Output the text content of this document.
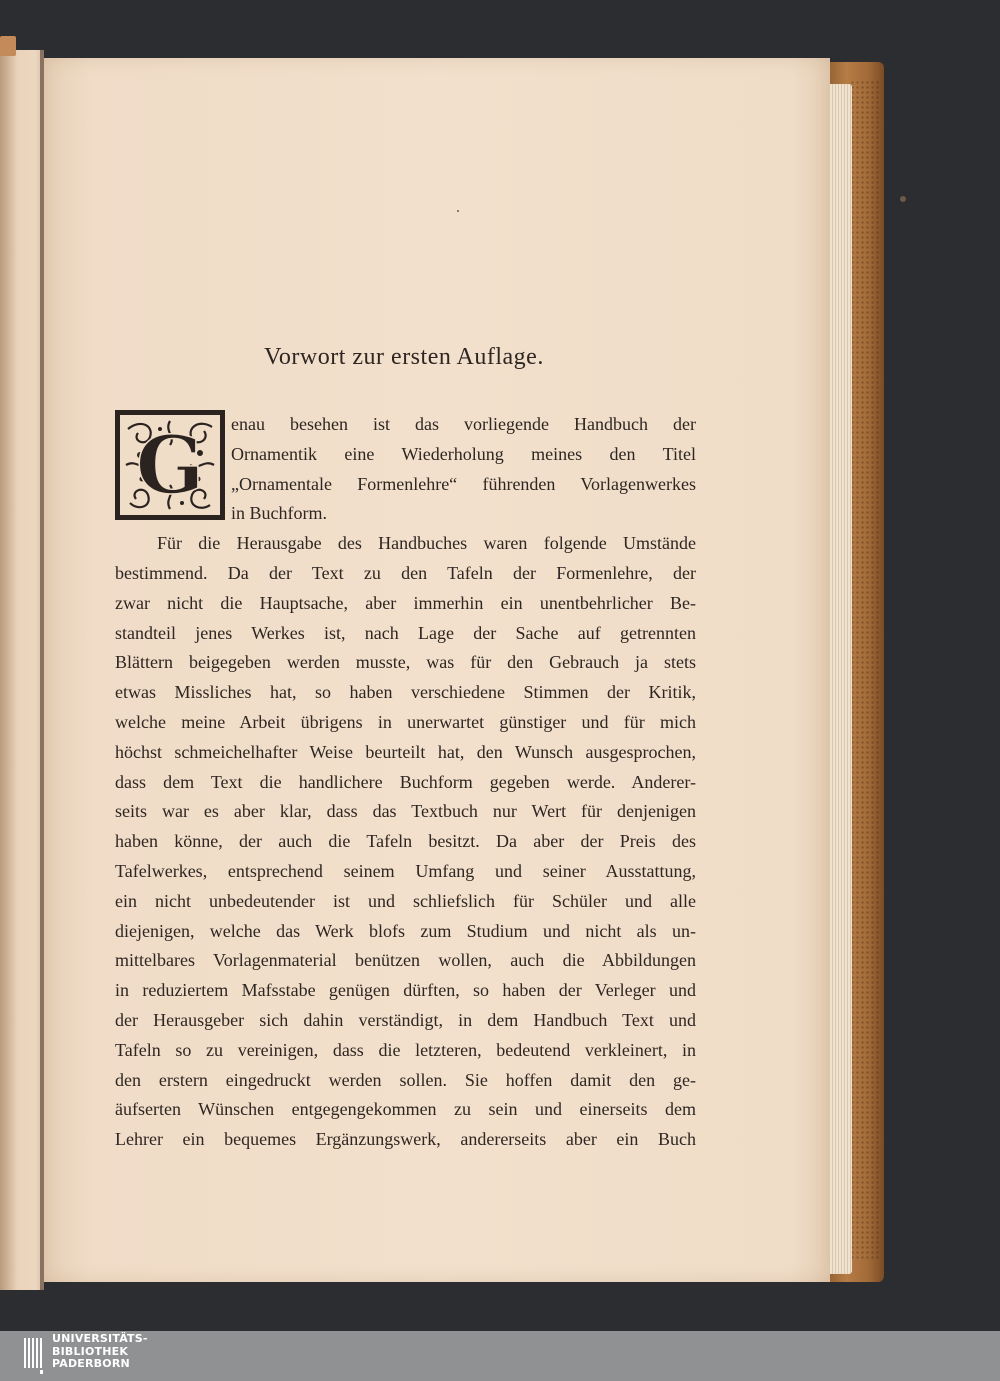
Vorwort zur ersten Auflage.
G	enau besehen ist das vorliegende Handbuch der
Ornamentik eine Wiederholung meines den Titel
„Ornamentale Formenlehre“ führenden Vorlagenwerkes
in Buchform.
Für die Herausgabe des Handbuches waren folgende Umstände
bestimmend. Da der Text zu den Tafeln der Formenlehre, der
zwar nicht die Hauptsache, aber immerhin ein unentbehrlicher Be-
standteil jenes Werkes ist, nach Lage der Sache auf getrennten
Blättern beigegeben werden musste, was für den Gebrauch ja stets
etwas Missliches hat, so haben verschiedene Stimmen der Kritik,
welche meine Arbeit übrigens in unerwartet günstiger und für mich
höchst schmeichelhafter Weise beurteilt hat, den Wunsch ausgesprochen,
dass dem Text die handlichere Buchform gegeben werde. Anderer-
seits war es aber klar, dass das Textbuch nur Wert für denjenigen
haben könne, der auch die Tafeln besitzt. Da aber der Preis des
Tafelwerkes, entsprechend seinem Umfang und seiner Ausstattung,
ein nicht unbedeutender ist und schliefslich für Schüler und alle
diejenigen, welche das Werk blofs zum Studium und nicht als un-
mittelbares Vorlagenmaterial benützen wollen, auch die Abbildungen
in reduziertem Mafsstabe genügen dürften, so haben der Verleger und
der Herausgeber sich dahin verständigt, in dem Handbuch Text und
Tafeln so zu vereinigen, dass die letzteren, bedeutend verkleinert, in
den erstern eingedruckt werden sollen. Sie hoffen damit den ge-
äufserten Wünschen entgegengekommen zu sein und einerseits dem
Lehrer ein bequemes Ergänzungswerk, andererseits aber ein Buch
UNIVERSITÄTS-
BIBLIOTHEK
PADERBORN
